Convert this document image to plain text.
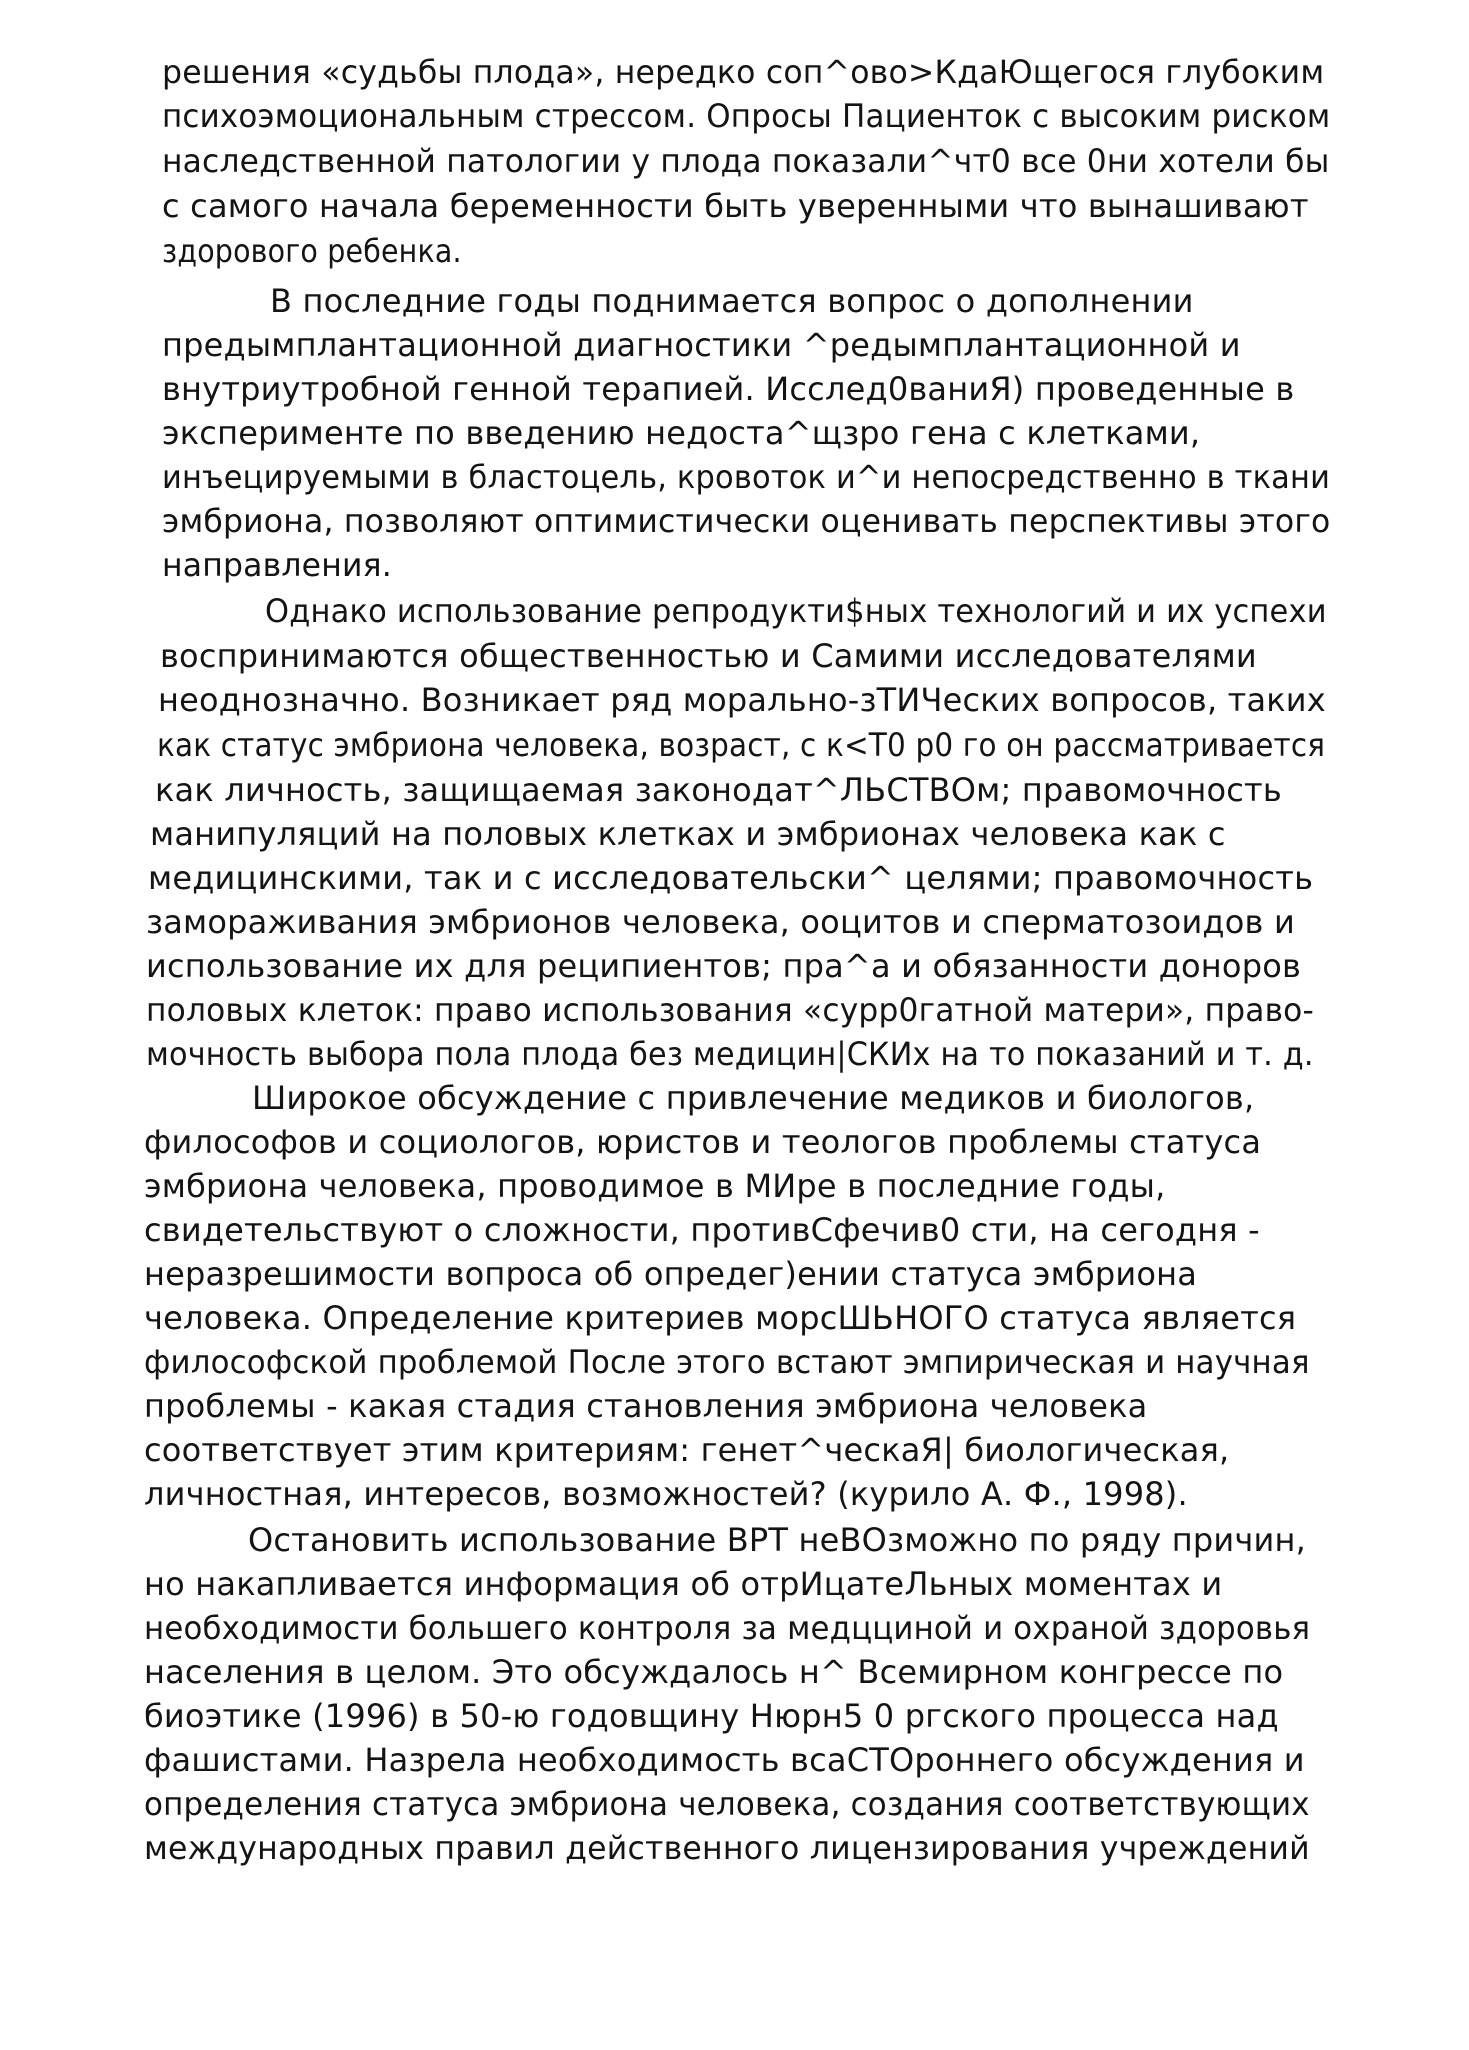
решения «судьбы плода», нередко соп^ово>КдаЮщегося глубоким
психоэмоциональным стрессом. Опросы Пациенток с высоким риском
наследственной патологии у плода показали^чт0 все 0ни хотели бы
с самого начала беременности быть уверенными что вынашивают
здорового ребенка.
В последние годы поднимается вопрос о дополнении
предымплантационной диагностики ^редымплантационной и
внутриутробной генной терапией. Исслед0ваниЯ) проведенные в
эксперименте по введению недоста^щзро гена с клетками,
инъецируемыми в бластоцель, кровоток и^и непосредственно в ткани
эмбриона, позволяют оптимистически оценивать перспективы этого
направления.
Однако использование репродукти$ных технологий и их успехи
воспринимаются общественностью и Самими исследователями
неоднозначно. Возникает ряд морально-зТИЧеских вопросов, таких
как статус эмбриона человека, возраст, с к<Т0 р0 го он рассматривается
как личность, защищаемая законодат^ЛЬСТВОм; правомочность
манипуляций на половых клетках и эмбрионах человека как с
медицинскими, так и с исследовательски^ целями; правомочность
замораживания эмбрионов человека, ооцитов и сперматозоидов и
использование их для реципиентов; пра^а и обязанности доноров
половых клеток: право использования «сурр0гатной матери», право-
мочность выбора пола плода без медицин|СКИх на то показаний и т. д.
Широкое обсуждение с привлечение медиков и биологов,
философов и социологов, юристов и теологов проблемы статуса
эмбриона человека, проводимое в МИре в последние годы,
свидетельствуют о сложности, противСфечив0 сти, на сегодня -
неразрешимости вопроса об опредег)ении статуса эмбриона
человека. Определение критериев морсШЬНОГО статуса является
философской проблемой После этого встают эмпирическая и научная
проблемы - какая стадия становления эмбриона человека
соответствует этим критериям: генет^ческаЯ| биологическая,
личностная, интересов, возможностей? (курило А. Ф., 1998).
Остановить использование ВРТ неВОзможно по ряду причин,
но накапливается информация об отрИцатеЛьных моментах и
необходимости большего контроля за медцциной и охраной здоровья
населения в целом. Это обсуждалось н^ Всемирном конгрессе по
биоэтике (1996) в 50-ю годовщину Нюрн5 0 ргского процесса над
фашистами. Назрела необходимость всаСТОроннего обсуждения и
определения статуса эмбриона человека, создания соответствующих
международных правил действенного лицензирования учреждений
